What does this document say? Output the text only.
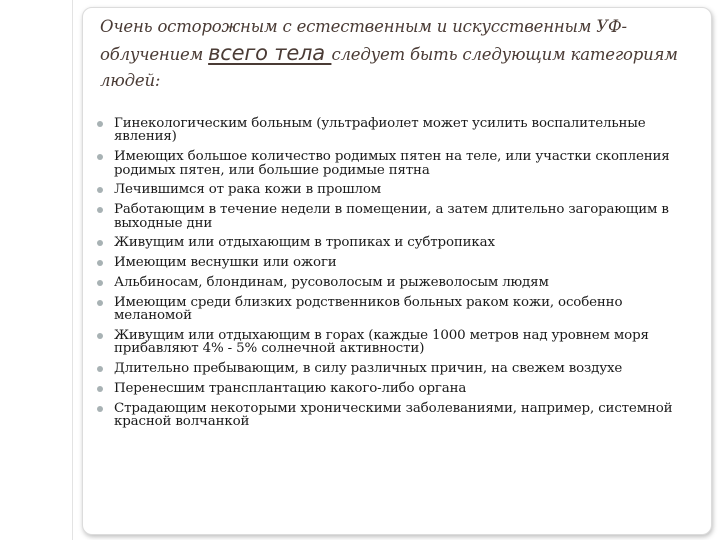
Очень осторожным с естественным и искусственным УФ-облучением всего тела следует быть следующим категориям людей:
Гинекологическим больным (ультрафиолет может усилить воспалительные явления)
Имеющих большое количество родимых пятен на теле, или участки скопления родимых пятен, или большие родимые пятна
Лечившимся от рака кожи в прошлом
Работающим в течение недели в помещении, а затем длительно загорающим в выходные дни
Живущим или отдыхающим в тропиках и субтропиках
Имеющим веснушки или ожоги
Альбиносам, блондинам, русоволосым и рыжеволосым людям
Имеющим среди близких родственников больных раком кожи, особенно меланомой
Живущим или отдыхающим в горах (каждые 1000 метров над уровнем моря прибавляют 4% - 5% солнечной активности)
Длительно пребывающим, в силу различных причин, на свежем воздухе
Перенесшим трансплантацию какого-либо органа
Страдающим некоторыми хроническими заболеваниями, например, системной красной волчанкой
